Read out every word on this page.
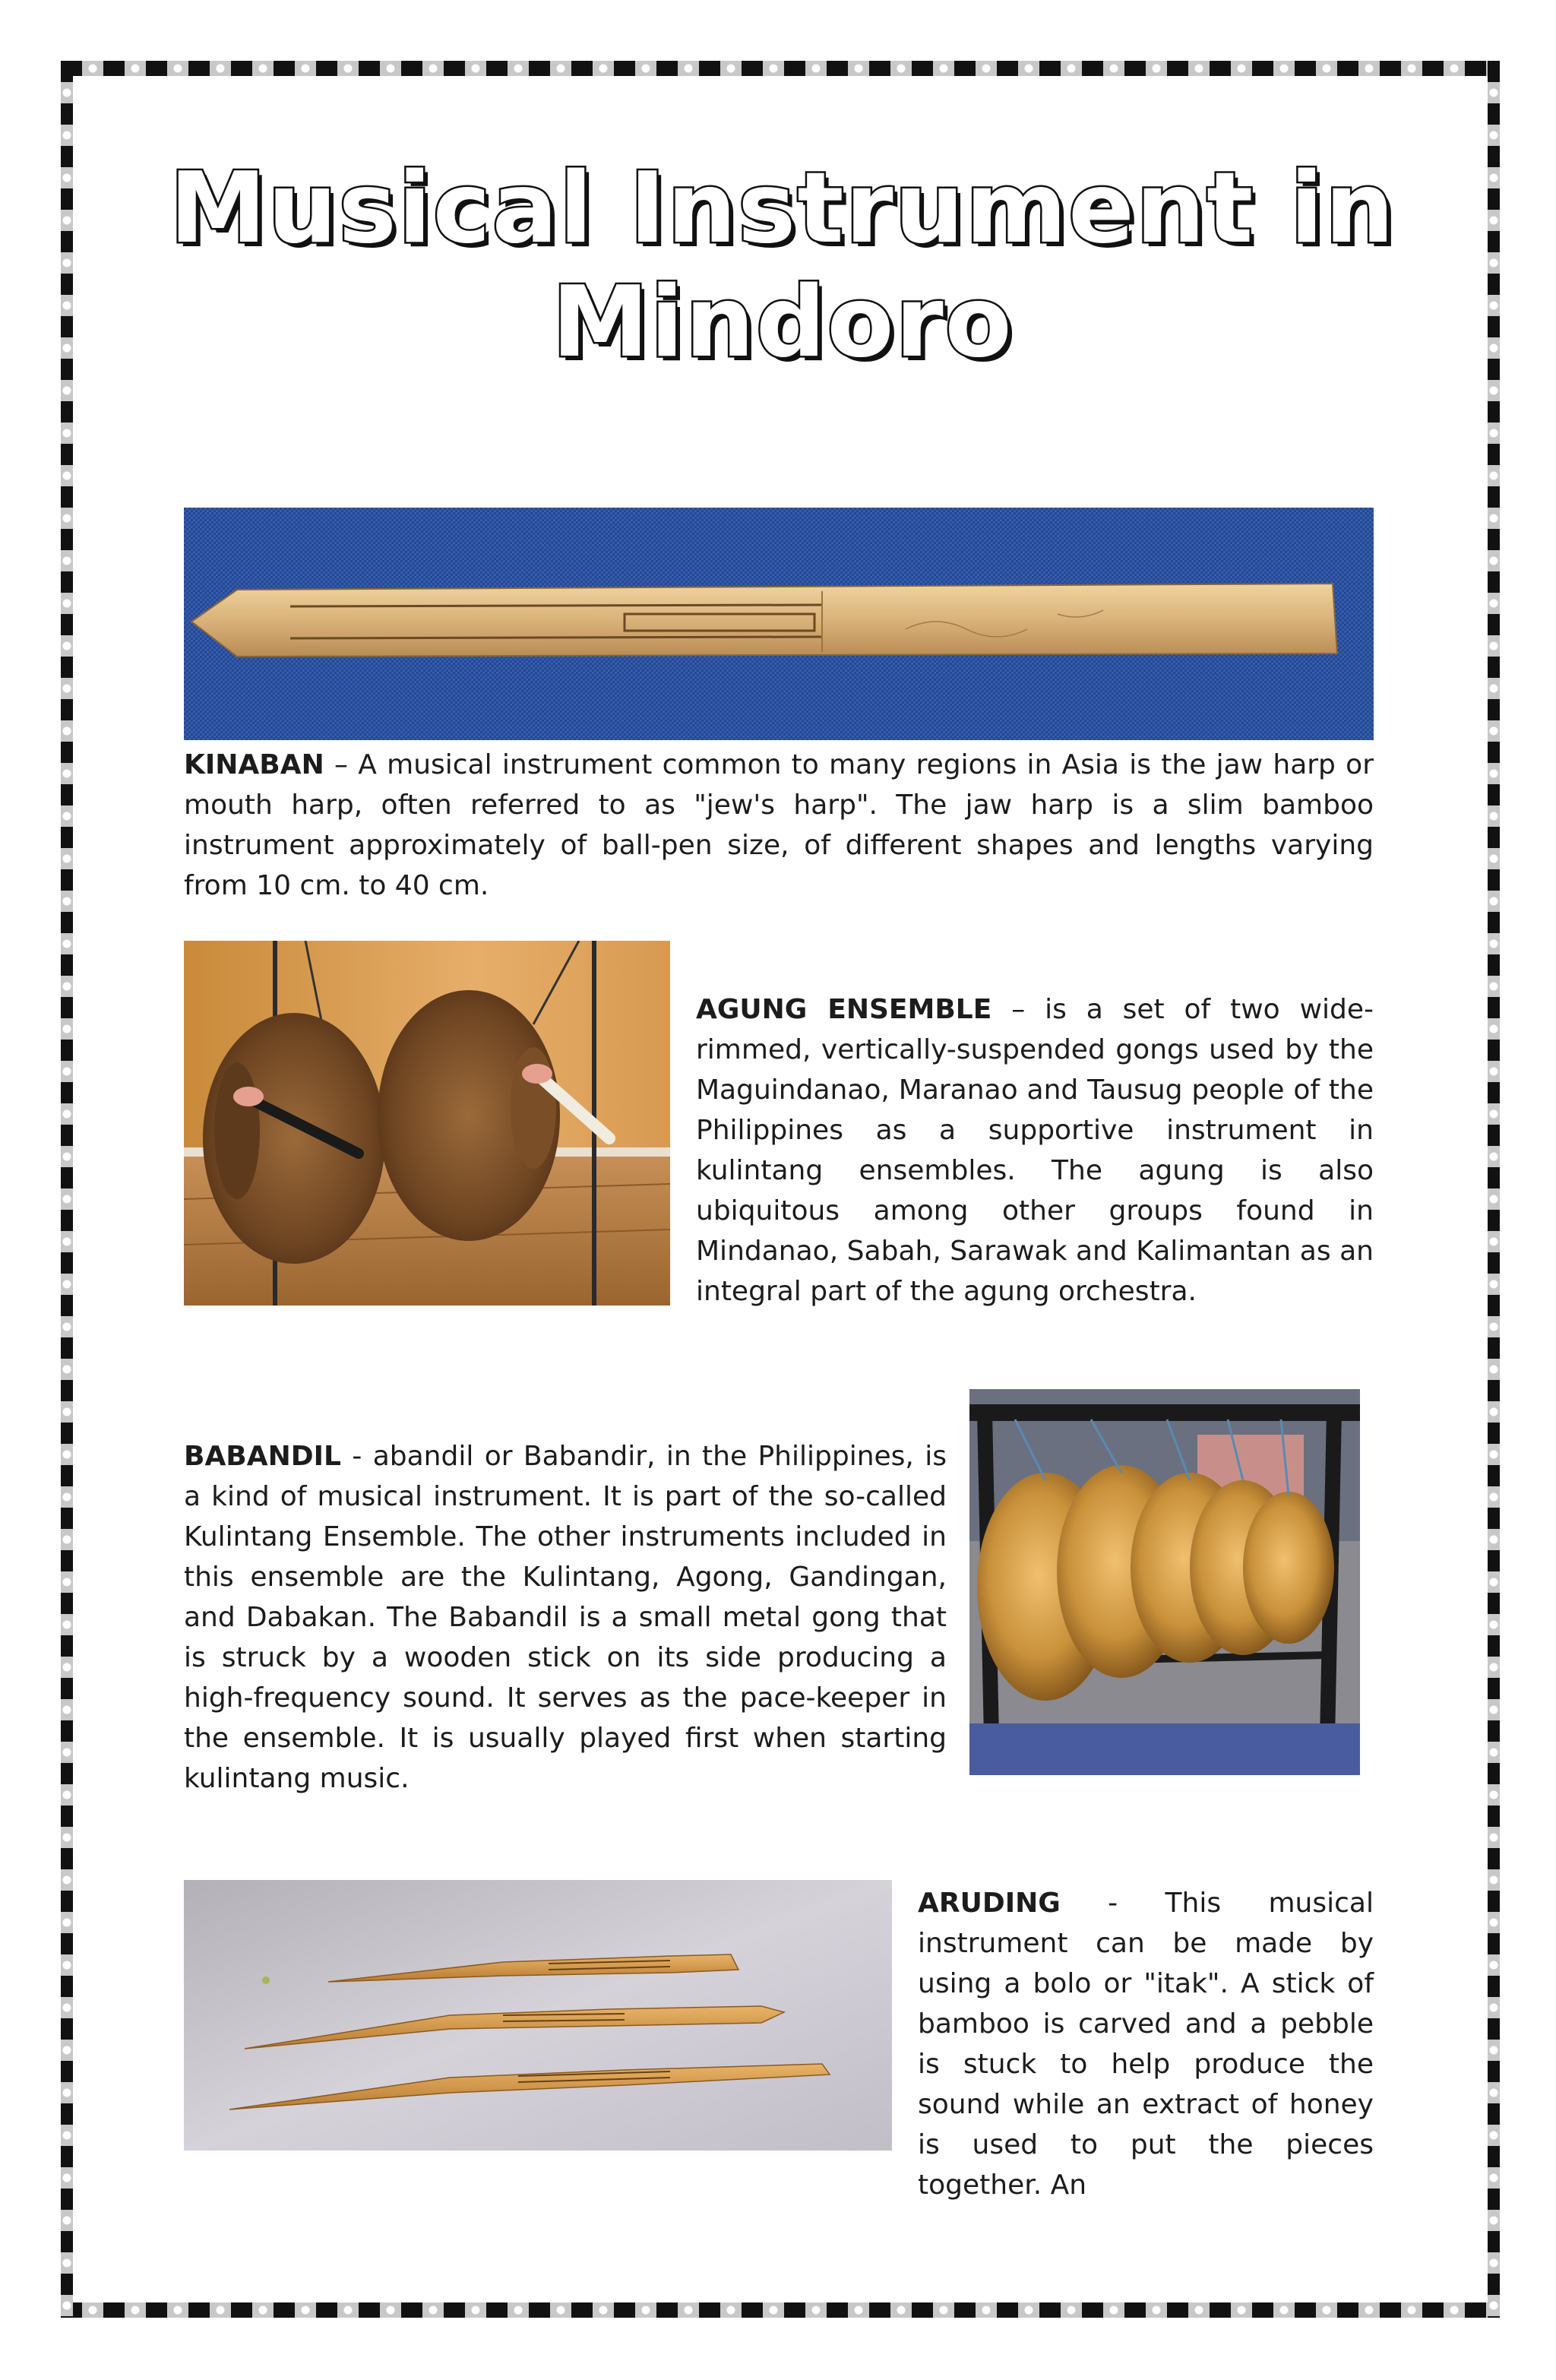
Musical Instrument in
Mindoro

KINABAN – A musical instrument common to many regions in Asia is the jaw harp or mouth harp, often referred to as "jew's harp". The jaw harp is a slim bamboo instrument approximately of ball-pen size, of different shapes and lengths varying from 10 cm. to 40 cm.

AGUNG ENSEMBLE – is a set of two wide-rimmed, vertically-suspended gongs used by the Maguindanao, Maranao and Tausug people of the Philippines as a supportive instrument in kulintang ensembles. The agung is also ubiquitous among other groups found in Mindanao, Sabah, Sarawak and Kalimantan as an integral part of the agung orchestra.

BABANDIL - abandil or Babandir, in the Philippines, is a kind of musical instrument. It is part of the so-called Kulintang Ensemble. The other instruments included in this ensemble are the Kulintang, Agong, Gandingan, and Dabakan. The Babandil is a small metal gong that is struck by a wooden stick on its side producing a high-frequency sound. It serves as the pace-keeper in the ensemble. It is usually played first when starting kulintang music.

ARUDING - This musical instrument can be made by using a bolo or "itak". A stick of bamboo is carved and a pebble is stuck to help produce the sound while an extract of honey is used to put the pieces together. An
